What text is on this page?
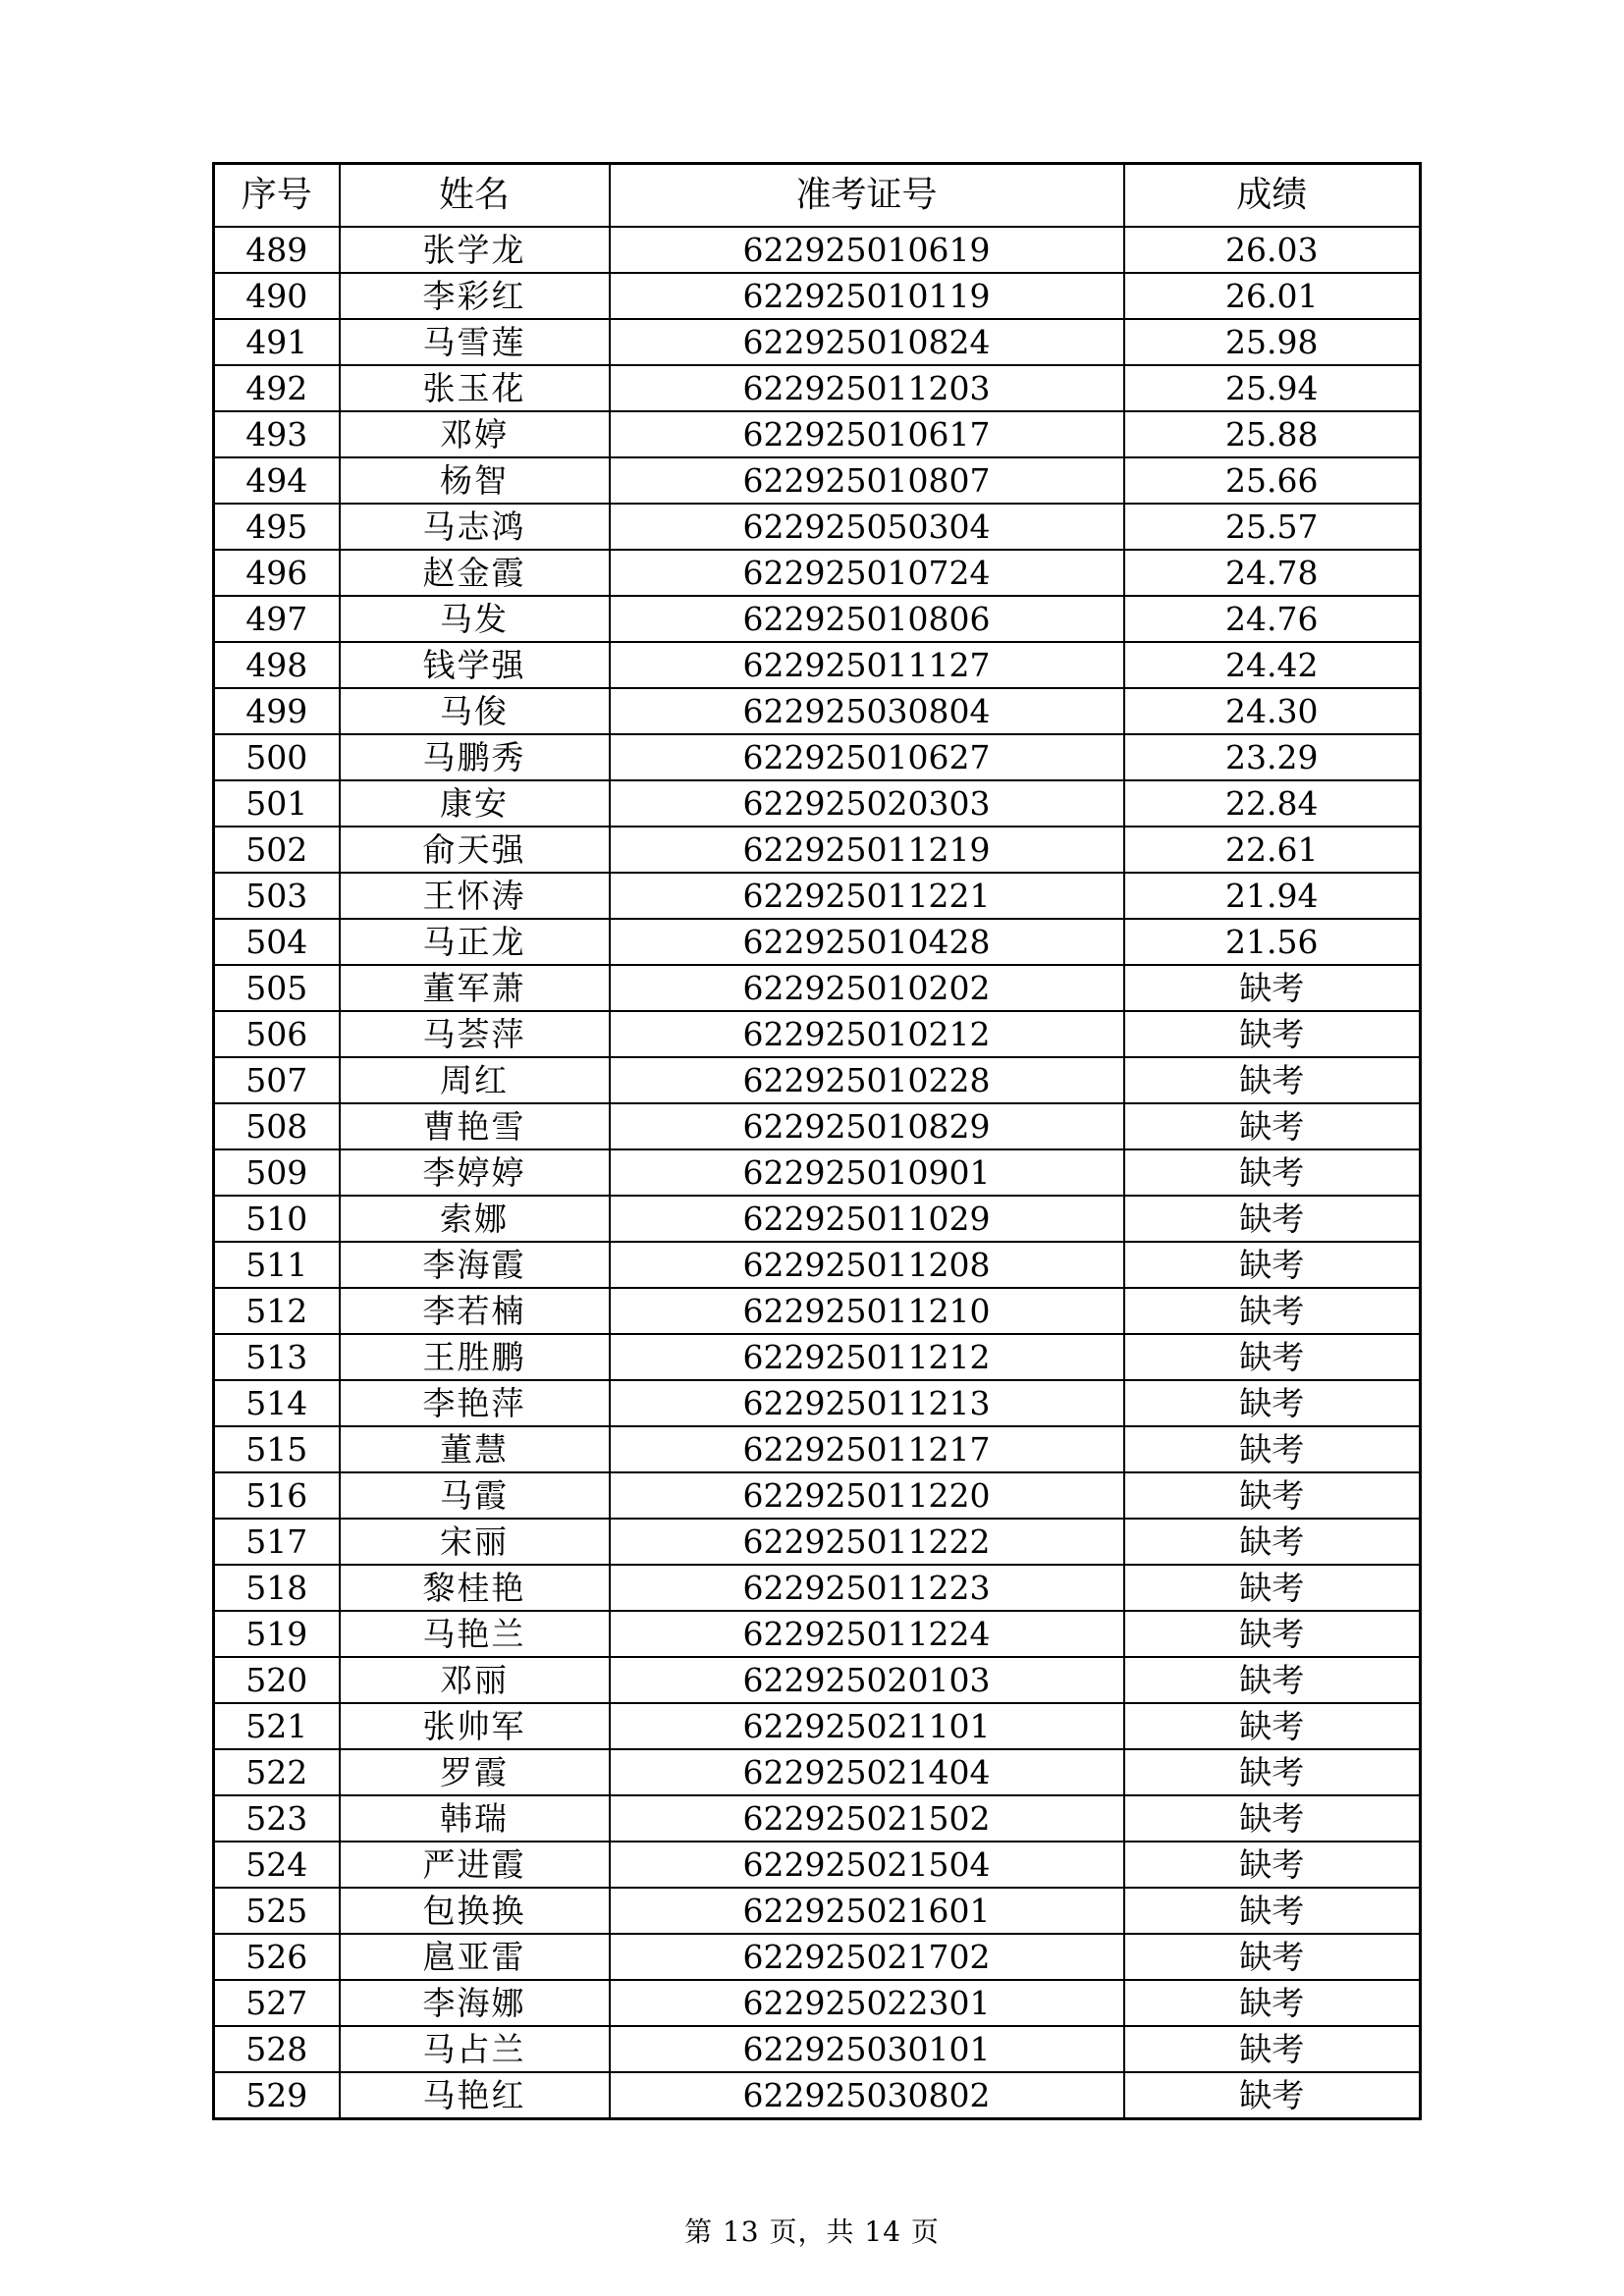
序号	姓名	准考证号	成绩
489	张学龙	622925010619	26.03
490	李彩红	622925010119	26.01
491	马雪莲	622925010824	25.98
492	张玉花	622925011203	25.94
493	邓婷	622925010617	25.88
494	杨智	622925010807	25.66
495	马志鸿	622925050304	25.57
496	赵金霞	622925010724	24.78
497	马发	622925010806	24.76
498	钱学强	622925011127	24.42
499	马俊	622925030804	24.30
500	马鹏秀	622925010627	23.29
501	康安	622925020303	22.84
502	俞天强	622925011219	22.61
503	王怀涛	622925011221	21.94
504	马正龙	622925010428	21.56
505	董军萧	622925010202	缺考
506	马荟萍	622925010212	缺考
507	周红	622925010228	缺考
508	曹艳雪	622925010829	缺考
509	李婷婷	622925010901	缺考
510	索娜	622925011029	缺考
511	李海霞	622925011208	缺考
512	李若楠	622925011210	缺考
513	王胜鹏	622925011212	缺考
514	李艳萍	622925011213	缺考
515	董慧	622925011217	缺考
516	马霞	622925011220	缺考
517	宋丽	622925011222	缺考
518	黎桂艳	622925011223	缺考
519	马艳兰	622925011224	缺考
520	邓丽	622925020103	缺考
521	张帅军	622925021101	缺考
522	罗霞	622925021404	缺考
523	韩瑞	622925021502	缺考
524	严进霞	622925021504	缺考
525	包换换	622925021601	缺考
526	扈亚雷	622925021702	缺考
527	李海娜	622925022301	缺考
528	马占兰	622925030101	缺考
529	马艳红	622925030802	缺考
第 13 页，共 14 页
